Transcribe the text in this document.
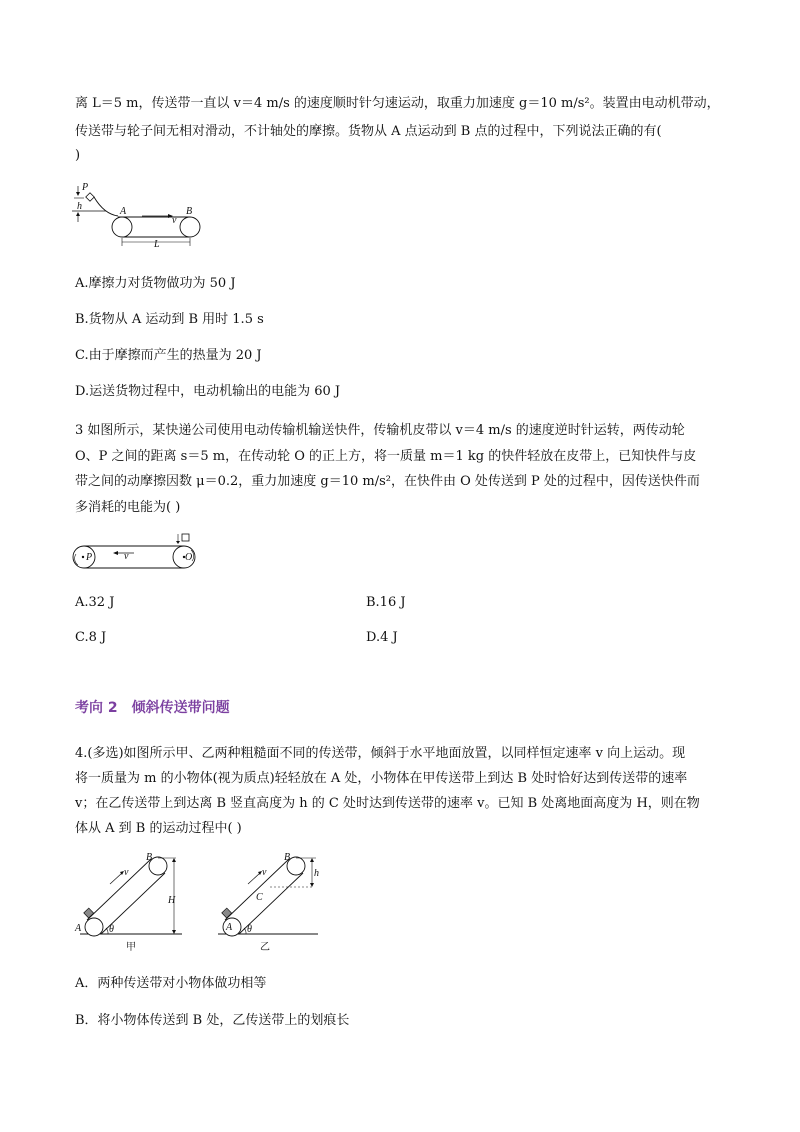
离 L＝5 m，传送带一直以 v＝4 m/s 的速度顺时针匀速运动，取重力加速度 g＝10 m/s²。装置由电动机带动，
传送带与轮子间无相对滑动，不计轴处的摩擦。货物从 A 点运动到 B 点的过程中，下列说法正确的有(
)
P
h	A	B
v
L
A.摩擦力对货物做功为 50 J
B.货物从 A 运动到 B 用时 1.5 s
C.由于摩擦而产生的热量为 20 J
D.运送货物过程中，电动机输出的电能为 60 J
3 如图所示，某快递公司使用电动传输机输送快件，传输机皮带以 v＝4 m/s 的速度逆时针运转，两传动轮
O、P 之间的距离 s＝5 m，在传动轮 O 的正上方，将一质量 m＝1 kg 的快件轻放在皮带上，已知快件与皮
带之间的动摩擦因数 μ＝0.2，重力加速度 g＝10 m/s²，在快件由 O 处传送到 P 处的过程中，因传送快件而
多消耗的电能为( )
P	O
v
A.32 J	B.16 J
C.8 J	D.4 J
考向 2　倾斜传送带问题
4.(多选)如图所示甲、乙两种粗糙面不同的传送带，倾斜于水平地面放置，以同样恒定速率 v 向上运动。现
将一质量为 m 的小物体(视为质点)轻轻放在 A 处，小物体在甲传送带上到达 B 处时恰好达到传送带的速率
v；在乙传送带上到达离 B 竖直高度为 h 的 C 处时达到传送带的速率 v。已知 B 处离地面高度为 H，则在物
体从 A 到 B 的运动过程中( )
v
H
B
A	θ
甲
v	h
B
C
A θ
乙
A．两种传送带对小物体做功相等
B．将小物体传送到 B 处，乙传送带上的划痕长
